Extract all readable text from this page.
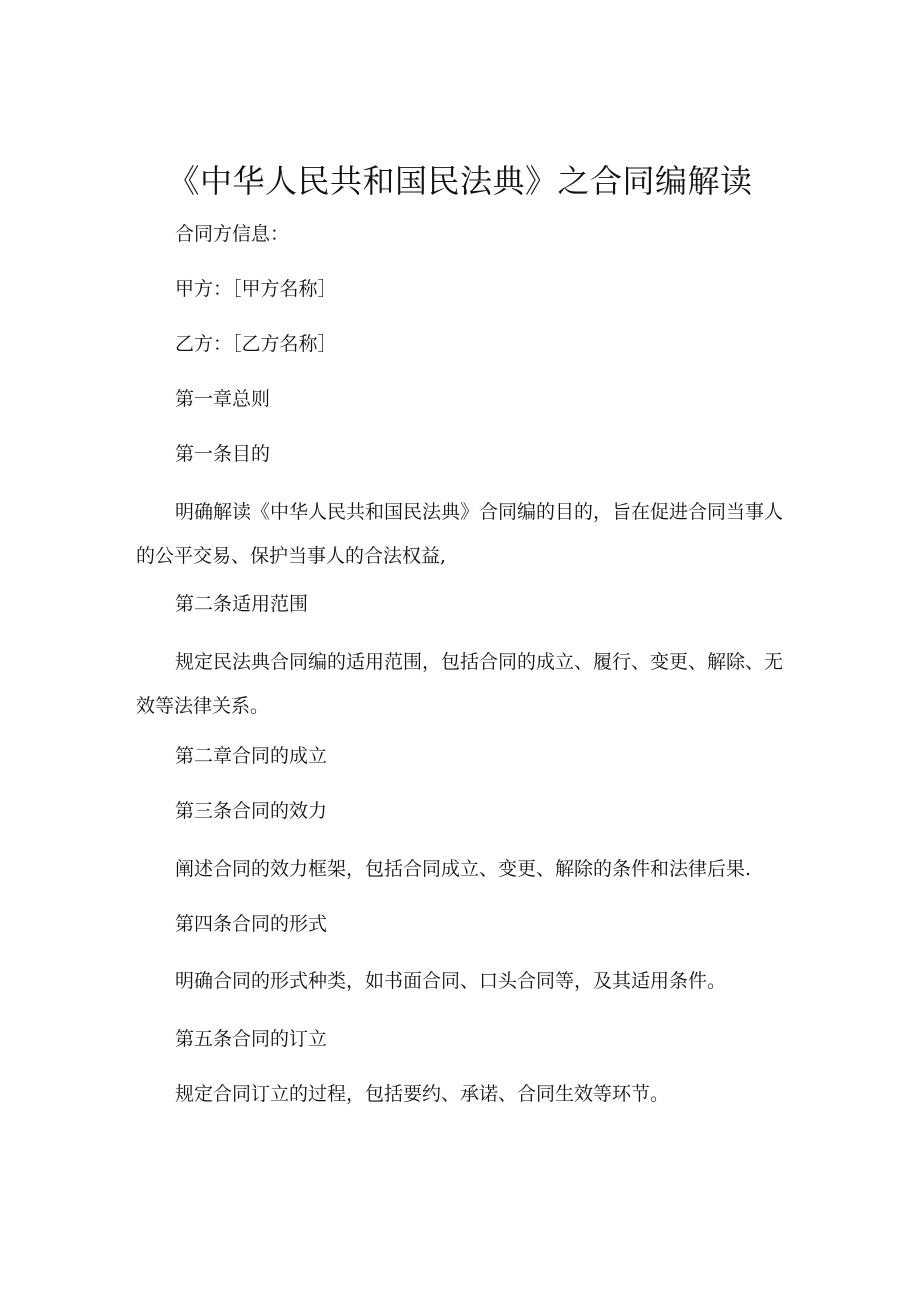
《中华人民共和国民法典》之合同编解读
合同方信息：
甲方：［甲方名称］
乙方：［乙方名称］
第一章总则
第一条目的
明确解读《中华人民共和国民法典》合同编的目的，旨在促进合同当事人的公平交易、保护当事人的合法权益,
第二条适用范围
规定民法典合同编的适用范围，包括合同的成立、履行、变更、解除、无效等法律关系。
第二章合同的成立
第三条合同的效力
阐述合同的效力框架，包括合同成立、变更、解除的条件和法律后果.
第四条合同的形式
明确合同的形式种类，如书面合同、口头合同等，及其适用条件。
第五条合同的订立
规定合同订立的过程，包括要约、承诺、合同生效等环节。
